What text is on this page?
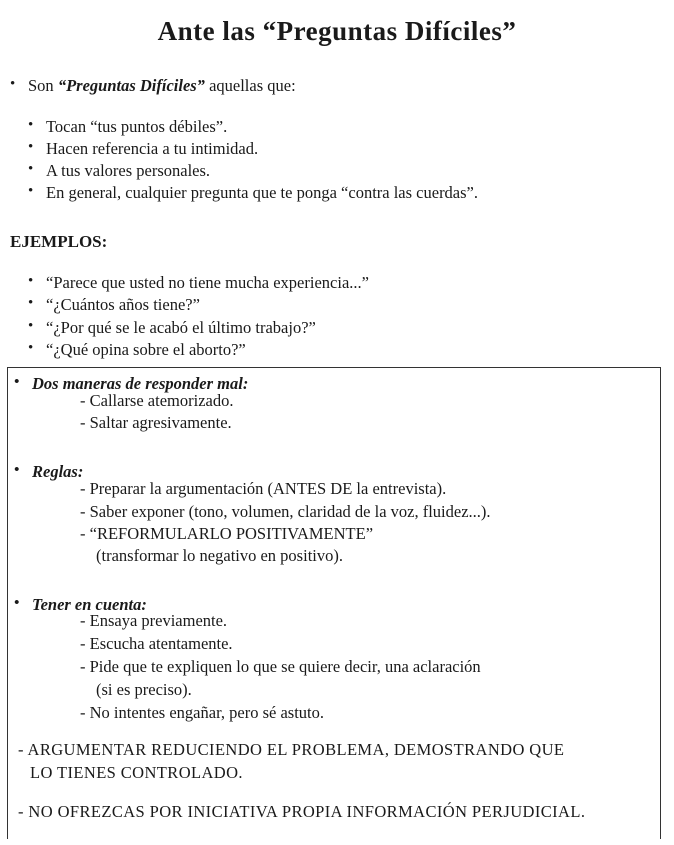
Ante las “Preguntas Difíciles”
• Son “Preguntas Difíciles” aquellas que:
• Tocan “tus puntos débiles”.
• Hacen referencia a tu intimidad.
• A tus valores personales.
• En general, cualquier pregunta que te ponga “contra las cuerdas”.
EJEMPLOS:
• “Parece que usted no tiene mucha experiencia...”
• “¿Cuántos años tiene?”
• “¿Por qué se le acabó el último trabajo?”
• “¿Qué opina sobre el aborto?”
• Dos maneras de responder mal:
- Callarse atemorizado.
- Saltar agresivamente.
• Reglas:
- Preparar la argumentación (ANTES DE la entrevista).
- Saber exponer (tono, volumen, claridad de la voz, fluidez...).
- “REFORMULARLO POSITIVAMENTE”
(transformar lo negativo en positivo).
• Tener en cuenta:
- Ensaya previamente.
- Escucha atentamente.
- Pide que te expliquen lo que se quiere decir, una aclaración
(si es preciso).
- No intentes engañar, pero sé astuto.
- ARGUMENTAR REDUCIENDO EL PROBLEMA, DEMOSTRANDO QUE
LO TIENES CONTROLADO.
- NO OFREZCAS POR INICIATIVA PROPIA INFORMACIÓN PERJUDICIAL.
